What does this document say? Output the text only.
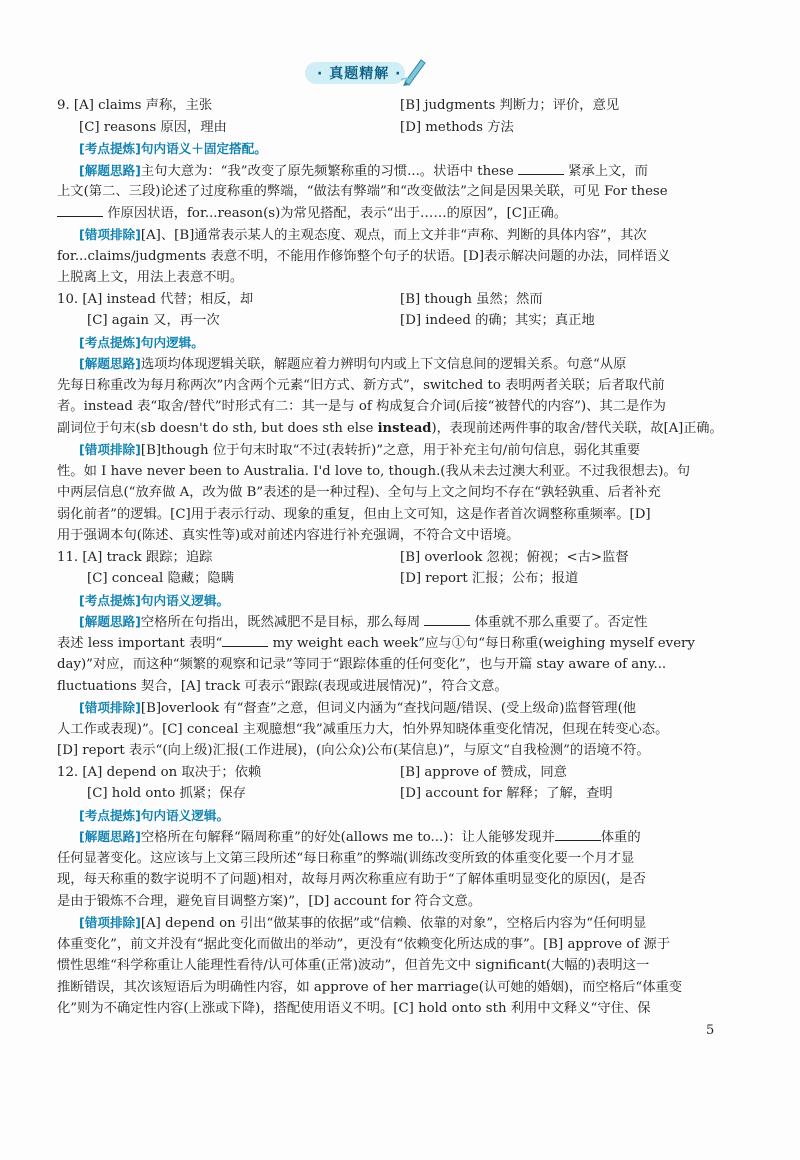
· 真题精解 ·
9. [A] claims 声称，主张	[B] judgments 判断力；评价，意见
[C] reasons 原因，理由	[D] methods 方法
[考点提炼]句内语义＋固定搭配。
[解题思路]主句大意为：“我”改变了原先频繁称重的习惯...。状语中 these	紧承上文，而
上文(第二、三段)论述了过度称重的弊端，“做法有弊端”和“改变做法”之间是因果关联，可见 For these
作原因状语，for...reason(s)为常见搭配，表示“出于……的原因”，[C]正确。
[错项排除][A]、[B]通常表示某人的主观态度、观点，而上文并非“声称、判断的具体内容”，其次
for...claims/judgments 表意不明，不能用作修饰整个句子的状语。[D]表示解决问题的办法，同样语义
上脱离上文，用法上表意不明。
10. [A] instead 代替；相反，却	[B] though 虽然；然而
[C] again 又，再一次	[D] indeed 的确；其实；真正地
[考点提炼]句内逻辑。
[解题思路]选项均体现逻辑关联，解题应着力辨明句内或上下文信息间的逻辑关系。句意“从原
先每日称重改为每月称两次”内含两个元素“旧方式、新方式”，switched to 表明两者关联；后者取代前
者。instead 表“取舍/替代”时形式有二：其一是与 of 构成复合介词(后接“被替代的内容”)、其二是作为
副词位于句末(sb doesn't do sth, but does sth else instead)，表现前述两件事的取舍/替代关联，故[A]正确。
[错项排除][B]though 位于句末时取“不过(表转折)”之意，用于补充主句/前句信息，弱化其重要
性。如 I have never been to Australia. I'd love to, though.(我从未去过澳大利亚。不过我很想去)。句
中两层信息(“放弃做 A，改为做 B”表述的是一种过程)、全句与上文之间均不存在“孰轻孰重、后者补充
弱化前者”的逻辑。[C]用于表示行动、现象的重复，但由上文可知，这是作者首次调整称重频率。[D]
用于强调本句(陈述、真实性等)或对前述内容进行补充强调，不符合文中语境。
11. [A] track 跟踪；追踪	[B] overlook 忽视；俯视；<古>监督
[C] conceal 隐藏；隐瞒	[D] report 汇报；公布；报道
[考点提炼]句内语义逻辑。
[解题思路]空格所在句指出，既然减肥不是目标，那么每周	体重就不那么重要了。否定性
表述 less important 表明“	my weight each week”应与①句“每日称重(weighing myself every
day)”对应，而这种“频繁的观察和记录”等同于“跟踪体重的任何变化”，也与开篇 stay aware of any...
fluctuations 契合，[A] track 可表示“跟踪(表现或进展情况)”，符合文意。
[错项排除][B]overlook 有“督查”之意，但词义内涵为“查找问题/错误、(受上级命)监督管理(他
人工作或表现)”。[C] conceal 主观臆想“我”减重压力大，怕外界知晓体重变化情况，但现在转变心态。
[D] report 表示“(向上级)汇报(工作进展)，(向公众)公布(某信息)”，与原文“自我检测”的语境不符。
12. [A] depend on 取决于；依赖	[B] approve of 赞成，同意
[C] hold onto 抓紧；保存	[D] account for 解释；了解，查明
[考点提炼]句内语义逻辑。
[解题思路]空格所在句解释“隔周称重”的好处(allows me to...)：让人能够发现并	体重的
任何显著变化。这应该与上文第三段所述“每日称重”的弊端(训练改变所致的体重变化要一个月才显
现，每天称重的数字说明不了问题)相对，故每月两次称重应有助于“了解体重明显变化的原因(，是否
是由于锻炼不合理，避免盲目调整方案)”，[D] account for 符合文意。
[错项排除][A] depend on 引出“做某事的依据”或“信赖、依靠的对象”，空格后内容为“任何明显
体重变化”，前文并没有“据此变化而做出的举动”，更没有“依赖变化所达成的事”。[B] approve of 源于
惯性思维“科学称重让人能理性看待/认可体重(正常)波动”，但首先文中 significant(大幅的)表明这一
推断错误，其次该短语后为明确性内容，如 approve of her marriage(认可她的婚姻)，而空格后“体重变
化”则为不确定性内容(上涨或下降)，搭配使用语义不明。[C] hold onto sth 利用中文释义“守住、保
5
